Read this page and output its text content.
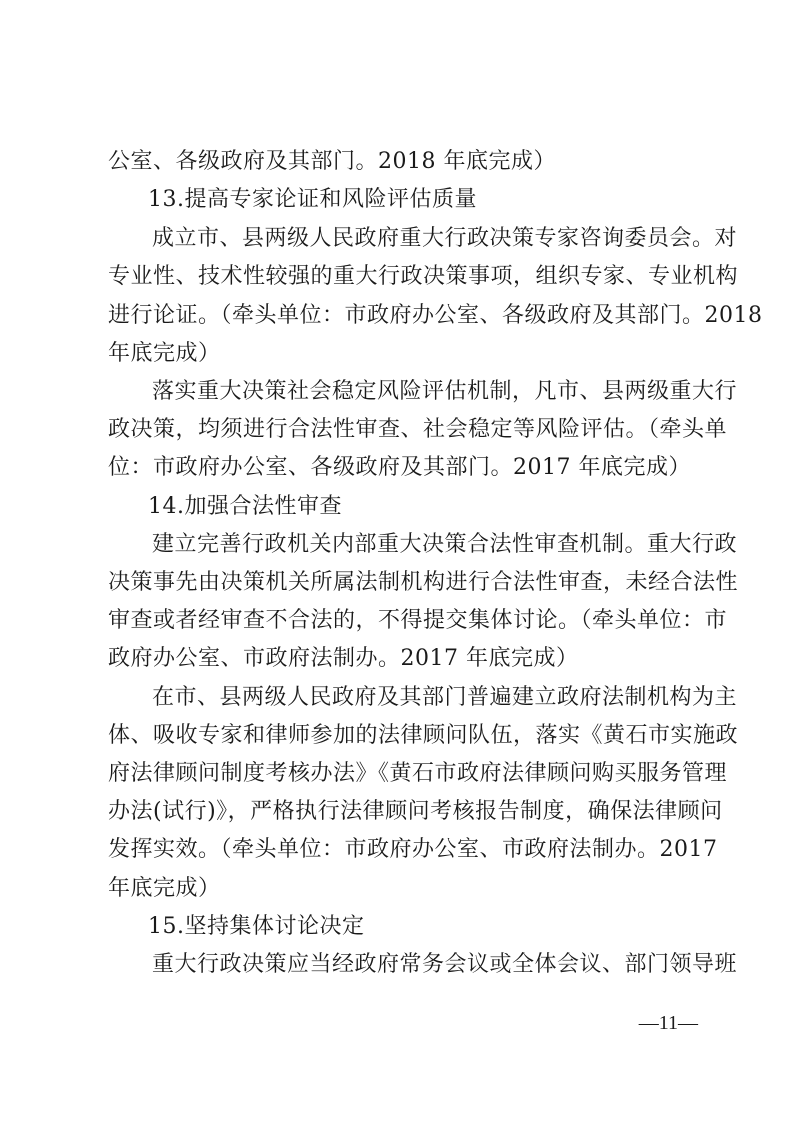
公室、各级政府及其部门。2018 年底完成）
13.提高专家论证和风险评估质量
成立市、县两级人民政府重大行政决策专家咨询委员会。对
专业性、技术性较强的重大行政决策事项，组织专家、专业机构
进行论证。（牵头单位：市政府办公室、各级政府及其部门。2018
年底完成）
落实重大决策社会稳定风险评估机制，凡市、县两级重大行
政决策，均须进行合法性审查、社会稳定等风险评估。（牵头单
位：市政府办公室、各级政府及其部门。2017 年底完成）
14.加强合法性审查
建立完善行政机关内部重大决策合法性审查机制。重大行政
决策事先由决策机关所属法制机构进行合法性审查，未经合法性
审查或者经审查不合法的，不得提交集体讨论。（牵头单位：市
政府办公室、市政府法制办。2017 年底完成）
在市、县两级人民政府及其部门普遍建立政府法制机构为主
体、吸收专家和律师参加的法律顾问队伍，落实《黄石市实施政
府法律顾问制度考核办法》《黄石市政府法律顾问购买服务管理
办法(试行)》，严格执行法律顾问考核报告制度，确保法律顾问
发挥实效。（牵头单位：市政府办公室、市政府法制办。2017
年底完成）
15.坚持集体讨论决定
重大行政决策应当经政府常务会议或全体会议、部门领导班
—11—
